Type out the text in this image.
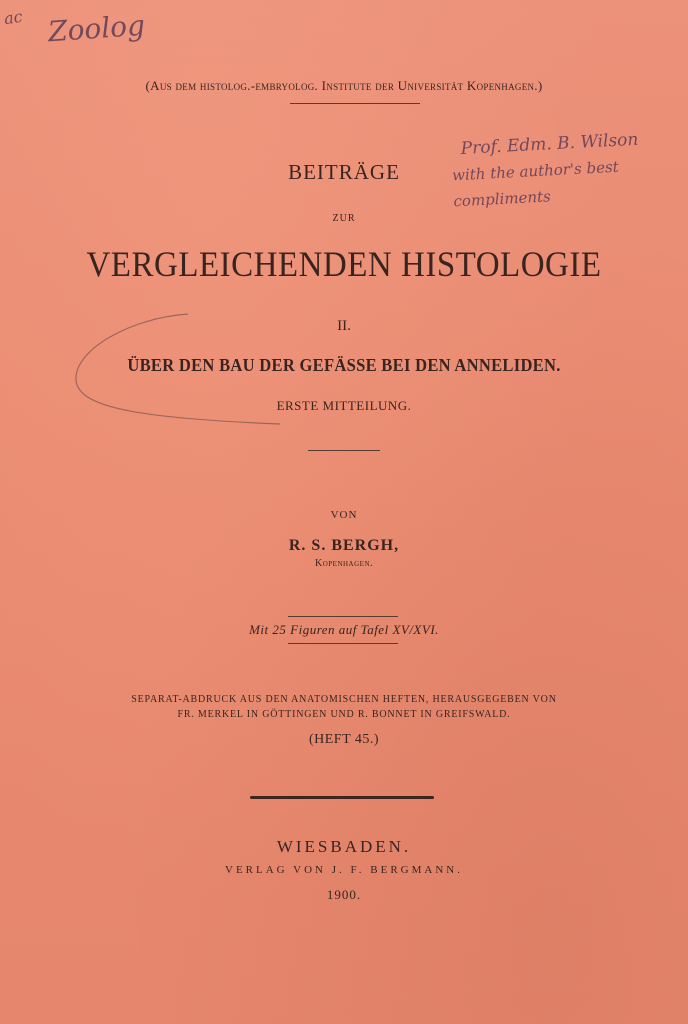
ac Zoolog
Prof. Edm. B. Wilson
with the author's best compliments
(Aus dem histolog.-embryolog. Institute der Universität Kopenhagen.)
BEITRÄGE
ZUR
VERGLEICHENDEN HISTOLOGIE
II.
ÜBER DEN BAU DER GEFÄSSE BEI DEN ANNELIDEN.
ERSTE MITTEILUNG.
VON
R. S. BERGH,
Kopenhagen.
Mit 25 Figuren auf Tafel XV/XVI.
SEPARAT-ABDRUCK AUS DEN ANATOMISCHEN HEFTEN, HERAUSGEGEBEN VON
FR. MERKEL IN GÖTTINGEN UND R. BONNET IN GREIFSWALD.
(HEFT 45.)
WIESBADEN.
VERLAG VON J. F. BERGMANN.
1900.
